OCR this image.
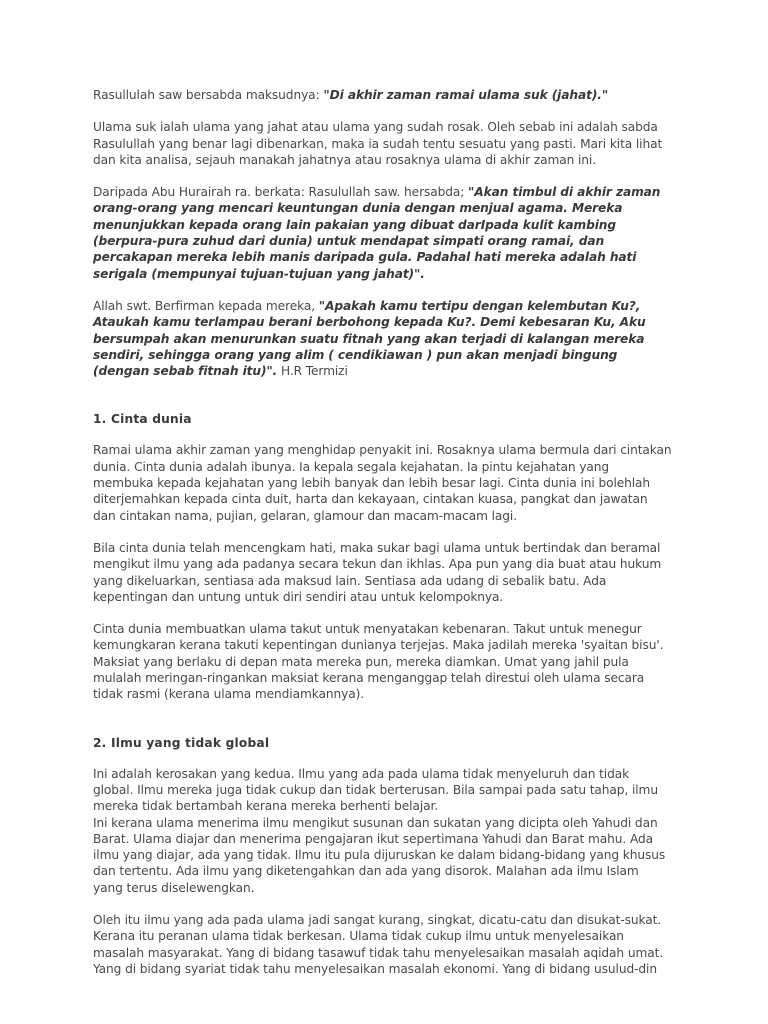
Rasullulah saw bersabda maksudnya: "Di akhir zaman ramai ulama suk (jahat)."

Ulama suk ialah ulama yang jahat atau ulama yang sudah rosak. Oleh sebab ini adalah sabda
Rasulullah yang benar lagi dibenarkan, maka ia sudah tentu sesuatu yang pasti. Mari kita lihat
dan kita analisa, sejauh manakah jahatnya atau rosaknya ulama di akhir zaman ini.

Daripada Abu Hurairah ra. berkata: Rasulullah saw. hersabda; "Akan timbul di akhir zaman
orang-orang yang mencari keuntungan dunia dengan menjual agama. Mereka
menunjukkan kepada orang lain pakaian yang dibuat darIpada kulit kambing
(berpura-pura zuhud dari dunia) untuk mendapat simpati orang ramai, dan
percakapan mereka lebih manis daripada gula. Padahal hati mereka adalah hati
serigala (mempunyai tujuan-tujuan yang jahat)".

Allah swt. Berfirman kepada mereka, "Apakah kamu tertipu dengan kelembutan Ku?,
Ataukah kamu terlampau berani berbohong kepada Ku?. Demi kebesaran Ku, Aku
bersumpah akan menurunkan suatu fitnah yang akan terjadi di kalangan mereka
sendiri, sehingga orang yang alim ( cendikiawan ) pun akan menjadi bingung
(dengan sebab fitnah itu)". H.R Termizi

1. Cinta dunia

Ramai ulama akhir zaman yang menghidap penyakit ini. Rosaknya ulama bermula dari cintakan
dunia. Cinta dunia adalah ibunya. Ia kepala segala kejahatan. Ia pintu kejahatan yang
membuka kepada kejahatan yang lebih banyak dan lebih besar lagi. Cinta dunia ini bolehlah
diterjemahkan kepada cinta duit, harta dan kekayaan, cintakan kuasa, pangkat dan jawatan
dan cintakan nama, pujian, gelaran, glamour dan macam-macam lagi.

Bila cinta dunia telah mencengkam hati, maka sukar bagi ulama untuk bertindak dan beramal
mengikut ilmu yang ada padanya secara tekun dan ikhlas. Apa pun yang dia buat atau hukum
yang dikeluarkan, sentiasa ada maksud lain. Sentiasa ada udang di sebalik batu. Ada
kepentingan dan untung untuk diri sendiri atau untuk kelompoknya.

Cinta dunia membuatkan ulama takut untuk menyatakan kebenaran. Takut untuk menegur
kemungkaran kerana takuti kepentingan dunianya terjejas. Maka jadilah mereka 'syaitan bisu'.
Maksiat yang berlaku di depan mata mereka pun, mereka diamkan. Umat yang jahil pula
mulalah meringan-ringankan maksiat kerana menganggap telah direstui oleh ulama secara
tidak rasmi (kerana ulama mendiamkannya).

2. Ilmu yang tidak global

Ini adalah kerosakan yang kedua. Ilmu yang ada pada ulama tidak menyeluruh dan tidak
global. Ilmu mereka juga tidak cukup dan tidak berterusan. Bila sampai pada satu tahap, ilmu
mereka tidak bertambah kerana mereka berhenti belajar.
Ini kerana ulama menerima ilmu mengikut susunan dan sukatan yang dicipta oleh Yahudi dan
Barat. Ulama diajar dan menerima pengajaran ikut sepertimana Yahudi dan Barat mahu. Ada
ilmu yang diajar, ada yang tidak. Ilmu itu pula dijuruskan ke dalam bidang-bidang yang khusus
dan tertentu. Ada ilmu yang diketengahkan dan ada yang disorok. Malahan ada ilmu Islam
yang terus diselewengkan.

Oleh itu ilmu yang ada pada ulama jadi sangat kurang, singkat, dicatu-catu dan disukat-sukat.
Kerana itu peranan ulama tidak berkesan. Ulama tidak cukup ilmu untuk menyelesaikan
masalah masyarakat. Yang di bidang tasawuf tidak tahu menyelesaikan masalah aqidah umat.
Yang di bidang syariat tidak tahu menyelesaikan masalah ekonomi. Yang di bidang usulud-din
